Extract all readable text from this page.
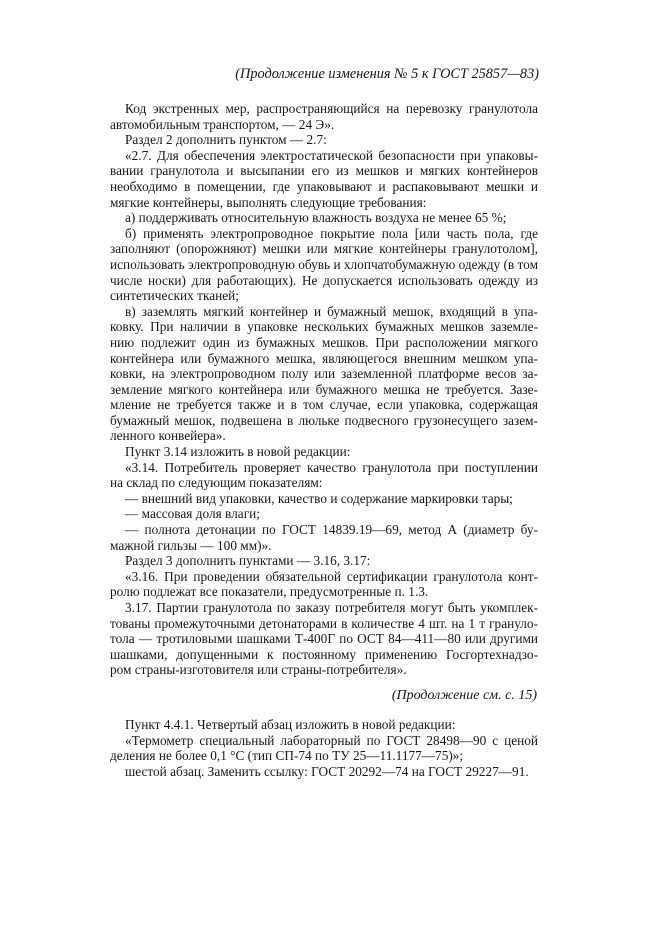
(Продолжение изменения № 5 к ГОСТ 25857—83)
Код экстренных мер, распространяющийся на перевозку гранулотола
автомобильным транспортом, — 24 Э».
Раздел 2 дополнить пунктом — 2.7:
«2.7. Для обеспечения электростатической безопасности при упаковы-
вании гранулотола и высыпании его из мешков и мягких контейнеров
необходимо в помещении, где упаковывают и распаковывают мешки и
мягкие контейнеры, выполнять следующие требования:
а) поддерживать относительную влажность воздуха не менее 65 %;
б) применять электропроводное покрытие пола [или часть пола, где
заполняют (опорожняют) мешки или мягкие контейнеры гранулотолом],
использовать электропроводную обувь и хлопчатобумажную одежду (в том
числе носки) для работающих). Не допускается использовать одежду из
синтетических тканей;
в) заземлять мягкий контейнер и бумажный мешок, входящий в упа-
ковку. При наличии в упаковке нескольких бумажных мешков заземле-
нию подлежит один из бумажных мешков. При расположении мягкого
контейнера или бумажного мешка, являющегося внешним мешком упа-
ковки, на электропроводном полу или заземленной платформе весов за-
земление мягкого контейнера или бумажного мешка не требуется. Зазе-
мление не требуется также и в том случае, если упаковка, содержащая
бумажный мешок, подвешена в люльке подвесного грузонесущего зазем-
ленного конвейера».
Пункт 3.14 изложить в новой редакции:
«3.14. Потребитель проверяет качество гранулотола при поступлении
на склад по следующим показателям:
— внешний вид упаковки, качество и содержание маркировки тары;
— массовая доля влаги;
— полнота детонации по ГОСТ 14839.19—69, метод А (диаметр бу-
мажной гильзы — 100 мм)».
Раздел 3 дополнить пунктами — 3.16, 3.17:
«3.16. При проведении обязательной сертификации гранулотола конт-
ролю подлежат все показатели, предусмотренные п. 1.3.
3.17. Партии гранулотола по заказу потребителя могут быть укомплек-
тованы промежуточными детонаторами в количестве 4 шт. на 1 т грануло-
тола — тротиловыми шашками Т-400Г по ОСТ 84—411—80 или другими
шашками, допущенными к постоянному применению Госгортехнадзо-
ром страны-изготовителя или страны-потребителя».
(Продолжение см. с. 15)
Пункт 4.4.1. Четвертый абзац изложить в новой редакции:
«Термометр специальный лабораторный по ГОСТ 28498—90 с ценой
деления не более 0,1 °С (тип СП-74 по ТУ 25—11.1177—75)»;
шестой абзац. Заменить ссылку: ГОСТ 20292—74 на ГОСТ 29227—91.
